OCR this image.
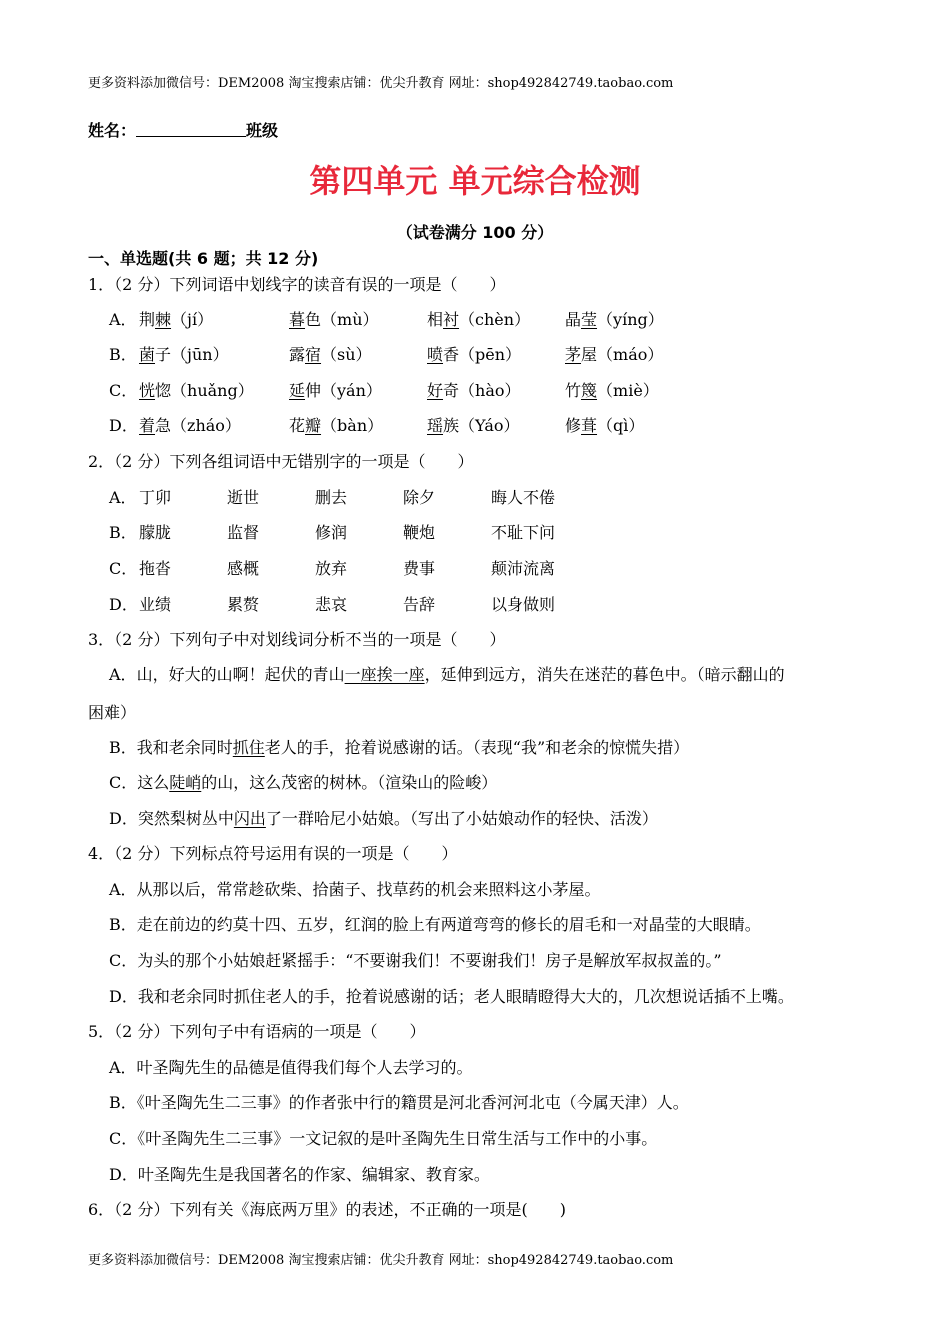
更多资料添加微信号：DEM2008 淘宝搜索店铺：优尖升教育 网址：shop492842749.taobao.com
姓名：	班级
第四单元 单元综合检测
（试卷满分 100 分）
一、单选题(共 6 题；共 12 分)
1．（2 分）下列词语中划线字的读音有误的一项是（　　）
A． 荆棘（jí）	暮色（mù）	相衬（chèn） 晶莹（yíng）
B． 菌子（jūn）	露宿（sù）	喷香（pēn）	茅屋（máo）
C． 恍惚（huǎng） 延伸（yán）	好奇（hào）	竹篾（miè）
D． 着急（zháo）	花瓣（bàn）	瑶族（Yáo）	修葺（qì）
2．（2 分）下列各组词语中无错别字的一项是（　　）
A． 丁卯	逝世	删去	除夕	晦人不倦
B． 朦胧	监督	修润	鞭炮	不耻下问
C． 拖沓	感概	放弃	费事	颠沛流离
D． 业绩	累赘	悲哀	告辞	以身做则
3．（2 分）下列句子中对划线词分析不当的一项是（　　）
A．山，好大的山啊！起伏的青山一座挨一座，延伸到远方，消失在迷茫的暮色中。（暗示翻山的
困难）
B．我和老余同时抓住老人的手，抢着说感谢的话。（表现“我”和老余的惊慌失措）
C．这么陡峭的山，这么茂密的树林。（渲染山的险峻）
D．突然梨树丛中闪出了一群哈尼小姑娘。（写出了小姑娘动作的轻快、活泼）
4．（2 分）下列标点符号运用有误的一项是（　　）
A．从那以后，常常趁砍柴、拾菌子、找草药的机会来照料这小茅屋。
B．走在前边的约莫十四、五岁，红润的脸上有两道弯弯的修长的眉毛和一对晶莹的大眼睛。
C．为头的那个小姑娘赶紧摇手：“不要谢我们！不要谢我们！房子是解放军叔叔盖的。”
D．我和老余同时抓住老人的手，抢着说感谢的话；老人眼睛瞪得大大的，几次想说话插不上嘴。
5．（2 分）下列句子中有语病的一项是（　　）
A．叶圣陶先生的品德是值得我们每个人去学习的。
B．《叶圣陶先生二三事》的作者张中行的籍贯是河北香河河北屯（今属天津）人。
C．《叶圣陶先生二三事》一文记叙的是叶圣陶先生日常生活与工作中的小事。
D．叶圣陶先生是我国著名的作家、编辑家、教育家。
6．（2 分）下列有关《海底两万里》的表述，不正确的一项是(　　)
更多资料添加微信号：DEM2008 淘宝搜索店铺：优尖升教育 网址：shop492842749.taobao.com
